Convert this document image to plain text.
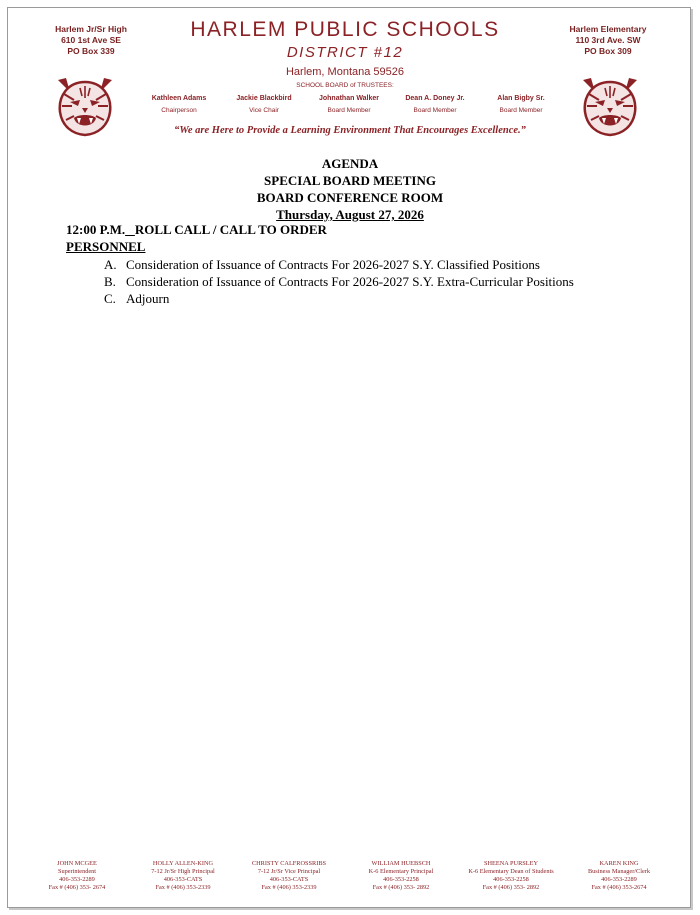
Harlem Jr/Sr High
610 1st Ave SE
PO Box 339
Harlem Elementary
110 3rd Ave. SW
PO Box 309
HARLEM PUBLIC SCHOOLS
DISTRICT #12
Harlem, Montana 59526
SCHOOL BOARD of TRUSTEES:
Kathleen Adams
Chairperson
Jackie Blackbird
Vice Chair
Johnathan Walker
Board Member
Dean A. Doney Jr.
Board Member
Alan Bigby Sr.
Board Member
“We are Here to Provide a Learning Environment That Encourages Excellence.”
AGENDA
SPECIAL BOARD MEETING
BOARD CONFERENCE ROOM
Thursday, August 27, 2026
12:00 P.M. ROLL CALL / CALL TO ORDER
PERSONNEL
A. Consideration of Issuance of Contracts For 2026-2027 S.Y. Classified Positions
B. Consideration of Issuance of Contracts For 2026-2027 S.Y. Extra-Curricular Positions
C. Adjourn
JOHN MCGEE
Superintendent
406-353-2289
Fax # (406) 353- 2674
HOLLY ALLEN-KING
7-12 Jr/Sr High Principal
406-353-CATS
Fax # (406) 353-2339
CHRISTY CALFROSSRIBS
7-12 Jr/Sr Vice Principal
406-353-CATS
Fax # (406) 353-2339
WILLIAM HUEBSCH
K-6 Elementary Principal
406-353-2258
Fax # (406) 353- 2892
SHEENA PURSLEY
K-6 Elementary Dean of Students
406-353-2258
Fax # (406) 353- 2892
KAREN KING
Business Manager/Clerk
406-353-2289
Fax # (406) 353-2674
